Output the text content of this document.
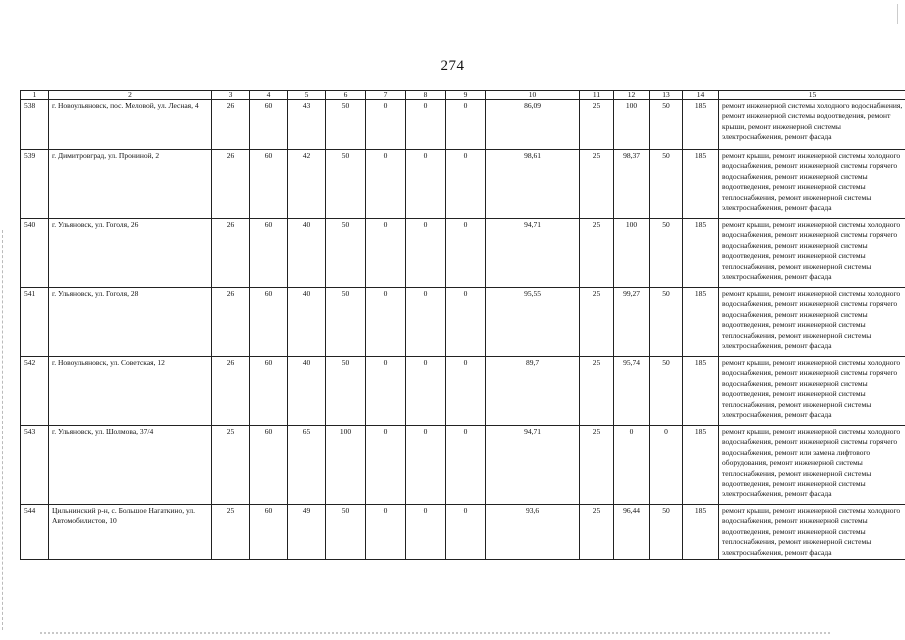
274
1	2	3	4	5	6	7	8	9	10	11	12	13	14	15
538	г. Новоульяновск, пос. Меловой, ул. Лесная, 4	26	60	43	50	0	0	0	86,09	25	100	50	185	ремонт инженерной системы холодного водоснабжения, ремонт инженерной системы водоотведения, ремонт крыши, ремонт инженерной системы электроснабжения, ремонт фасада
539	г. Димитровград, ул. Прониной, 2	26	60	42	50	0	0	0	98,61	25	98,37	50	185	ремонт крыши, ремонт инженерной системы холодного водоснабжения, ремонт инженерной системы горячего водоснабжения, ремонт инженерной системы водоотведения, ремонт инженерной системы теплоснабжения, ремонт инженерной системы электроснабжения, ремонт фасада
540	г. Ульяновск, ул. Гоголя, 26	26	60	40	50	0	0	0	94,71	25	100	50	185	ремонт крыши, ремонт инженерной системы холодного водоснабжения, ремонт инженерной системы горячего водоснабжения, ремонт инженерной системы водоотведения, ремонт инженерной системы теплоснабжения, ремонт инженерной системы электроснабжения, ремонт фасада
541	г. Ульяновск, ул. Гоголя, 28	26	60	40	50	0	0	0	95,55	25	99,27	50	185	ремонт крыши, ремонт инженерной системы холодного водоснабжения, ремонт инженерной системы горячего водоснабжения, ремонт инженерной системы водоотведения, ремонт инженерной системы теплоснабжения, ремонт инженерной системы электроснабжения, ремонт фасада
542	г. Новоульяновск, ул. Советская, 12	26	60	40	50	0	0	0	89,7	25	95,74	50	185	ремонт крыши, ремонт инженерной системы холодного водоснабжения, ремонт инженерной системы горячего водоснабжения, ремонт инженерной системы водоотведения, ремонт инженерной системы теплоснабжения, ремонт инженерной системы электроснабжения, ремонт фасада
543	г. Ульяновск, ул. Шолмова, 37/4	25	60	65	100	0	0	0	94,71	25	0	0	185	ремонт крыши, ремонт инженерной системы холодного водоснабжения, ремонт инженерной системы горячего водоснабжения, ремонт или замена лифтового оборудования, ремонт инженерной системы теплоснабжения, ремонт инженерной системы водоотведения, ремонт инженерной системы электроснабжения, ремонт фасада
544	Цильнинский р-н, с. Большое Нагаткино, ул. Автомобилистов, 10	25	60	49	50	0	0	0	93,6	25	96,44	50	185	ремонт крыши, ремонт инженерной системы холодного водоснабжения, ремонт инженерной системы водоотведения, ремонт инженерной системы теплоснабжения, ремонт инженерной системы электроснабжения, ремонт фасада
